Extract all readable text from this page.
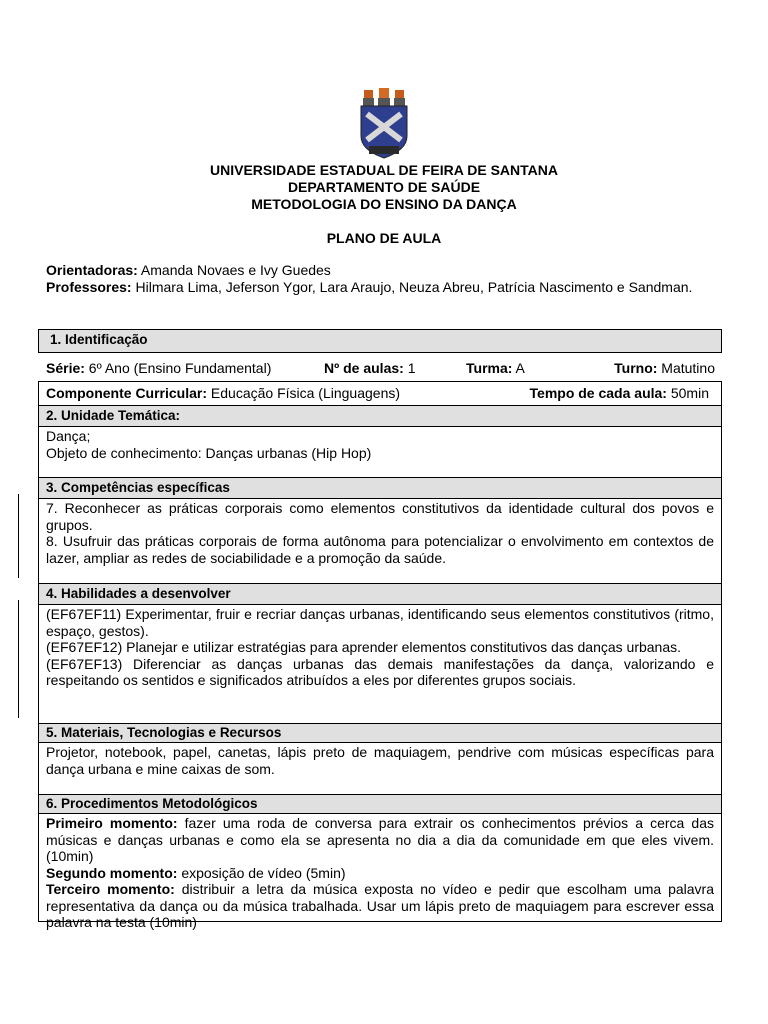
UNIVERSIDADE ESTADUAL DE FEIRA DE SANTANA
DEPARTAMENTO DE SAÚDE
METODOLOGIA DO ENSINO DA DANÇA
PLANO DE AULA
Orientadoras: Amanda Novaes e Ivy Guedes
Professores: Hilmara Lima, Jeferson Ygor, Lara Araujo, Neuza Abreu, Patrícia Nascimento e Sandman.
1. Identificação
Série: 6º Ano (Ensino Fundamental)	Nº de aulas: 1	Turma: A	Turno: Matutino
Componente Curricular: Educação Física (Linguagens)	Tempo de cada aula: 50min
2. Unidade Temática:

Dança;

Objeto de conhecimento: Danças urbanas (Hip Hop)

3. Competências específicas

7. Reconhecer as práticas corporais como elementos constitutivos da identidade cultural dos povos e grupos.

8. Usufruir das práticas corporais de forma autônoma para potencializar o envolvimento em contextos de lazer, ampliar as redes de sociabilidade e a promoção da saúde.

4. Habilidades a desenvolver

(EF67EF11) Experimentar, fruir e recriar danças urbanas, identificando seus elementos constitutivos (ritmo, espaço, gestos).

(EF67EF12) Planejar e utilizar estratégias para aprender elementos constitutivos das danças urbanas.

(EF67EF13) Diferenciar as danças urbanas das demais manifestações da dança, valorizando e respeitando os sentidos e significados atribuídos a eles por diferentes grupos sociais.

5. Materiais, Tecnologias e Recursos

Projetor, notebook, papel, canetas, lápis preto de maquiagem, pendrive com músicas específicas para dança urbana e mine caixas de som.

6. Procedimentos Metodológicos

Primeiro momento: fazer uma roda de conversa para extrair os conhecimentos prévios a cerca das músicas e danças urbanas e como ela se apresenta no dia a dia da comunidade em que eles vivem. (10min)

Segundo momento: exposição de vídeo (5min)

Terceiro momento: distribuir a letra da música exposta no vídeo e pedir que escolham uma palavra representativa da dança ou da música trabalhada. Usar um lápis preto de maquiagem para escrever essa palavra na testa (10min)
